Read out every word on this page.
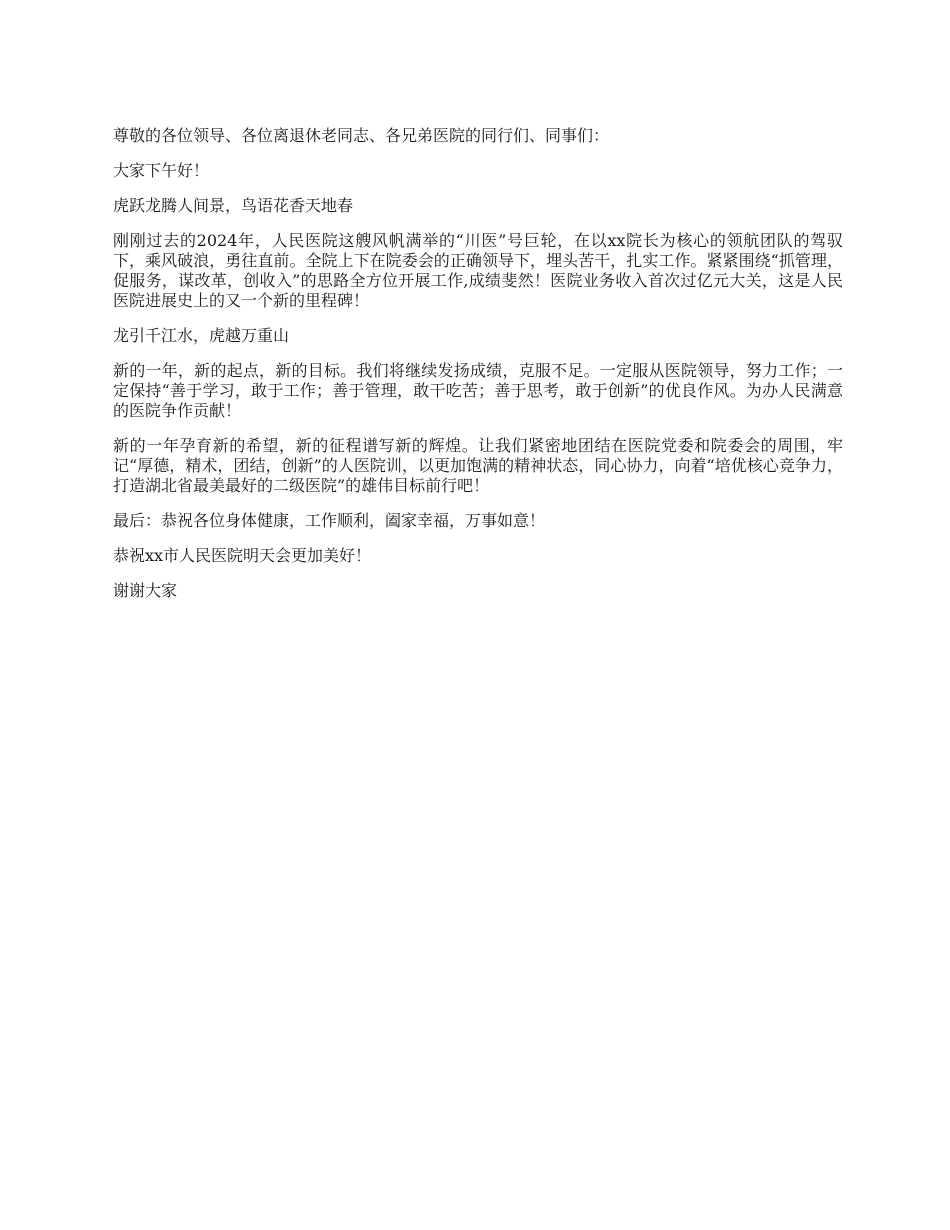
尊敬的各位领导、各位离退休老同志、各兄弟医院的同行们、同事们：

大家下午好！

虎跃龙腾人间景，鸟语花香天地春

刚刚过去的2024年，人民医院这艘风帆满举的“川医”号巨轮，在以xx院长为核心的领航团队的驾驭下，乘风破浪，勇往直前。全院上下在院委会的正确领导下，埋头苦干，扎实工作。紧紧围绕“抓管理，促服务，谋改革，创收入”的思路全方位开展工作,成绩斐然！医院业务收入首次过亿元大关，这是人民医院进展史上的又一个新的里程碑！

龙引千江水，虎越万重山

新的一年，新的起点，新的目标。我们将继续发扬成绩，克服不足。一定服从医院领导，努力工作；一定保持“善于学习，敢于工作；善于管理，敢干吃苦；善于思考，敢于创新”的优良作风。为办人民满意的医院争作贡献！

新的一年孕育新的希望，新的征程谱写新的辉煌。让我们紧密地团结在医院党委和院委会的周围，牢记“厚德，精术，团结，创新”的人医院训，以更加饱满的精神状态，同心协力，向着“培优核心竞争力，打造湖北省最美最好的二级医院”的雄伟目标前行吧！

最后：恭祝各位身体健康，工作顺利，阖家幸福，万事如意！

恭祝xx市人民医院明天会更加美好！

谢谢大家
